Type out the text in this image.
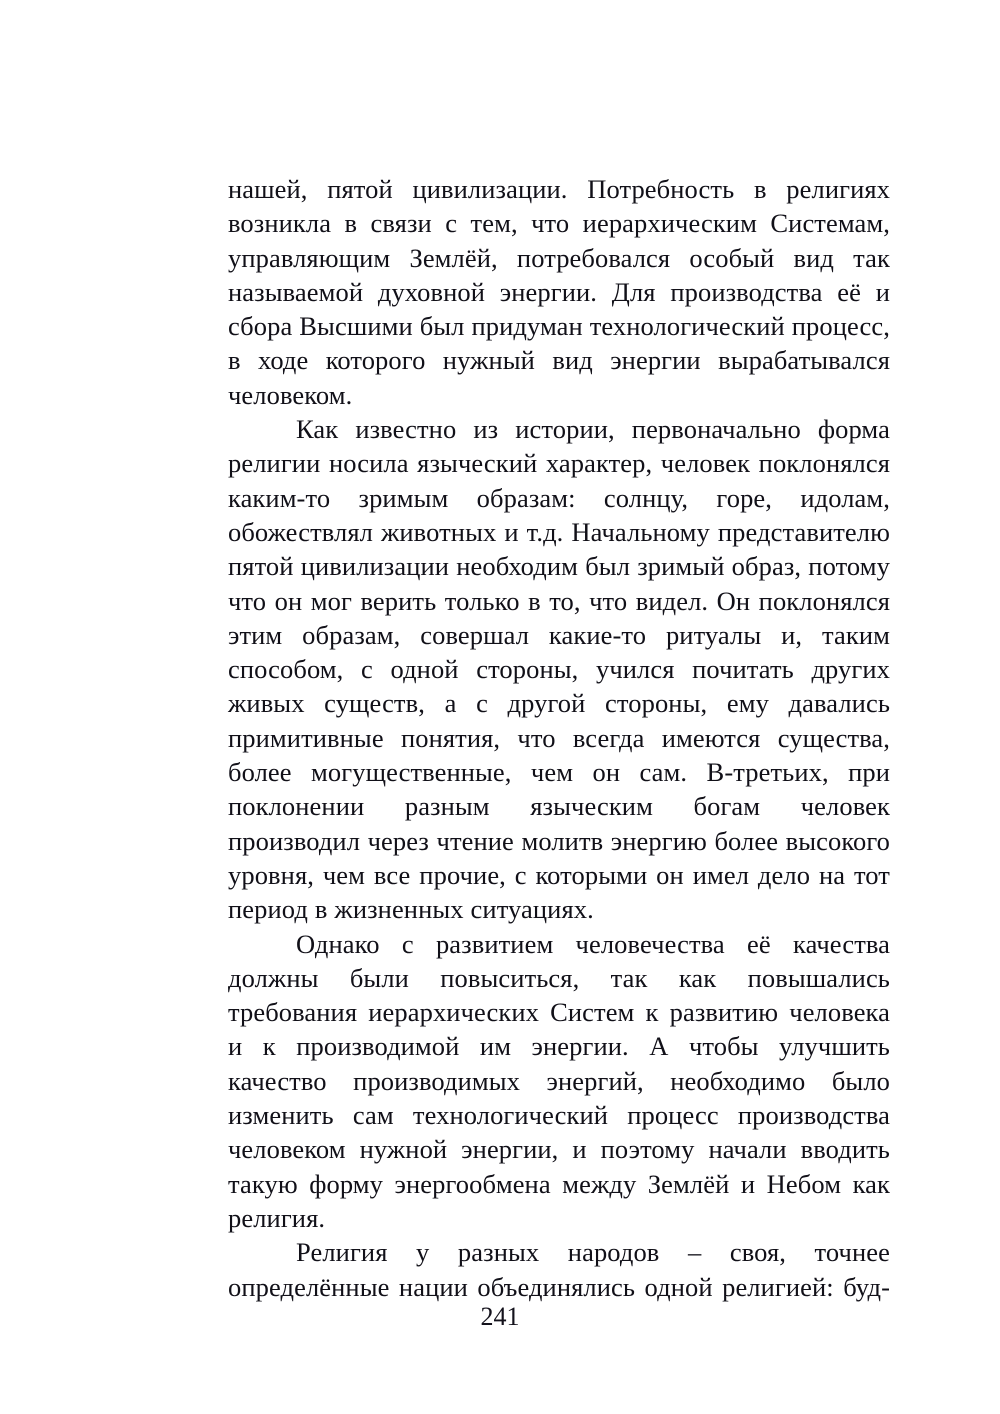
нашей, пятой цивилизации. Потребность в религиях возникла в связи с тем, что иерархическим Системам, управляющим Землёй, потребовался особый вид так называемой духовной энергии. Для производства её и сбора Высшими был придуман технологический процесс, в ходе которого нужный вид энергии вырабатывался человеком.

Как известно из истории, первоначально форма религии носила языческий характер, человек поклонялся каким-то зримым образам: солнцу, горе, идолам, обожествлял животных и т.д. Начальному представителю пятой цивилизации необходим был зримый образ, потому что он мог верить только в то, что видел. Он поклонялся этим образам, совершал какие-то ритуалы и, таким способом, с одной стороны, учился почитать других живых существ, а с другой стороны, ему давались примитивные понятия, что всегда имеются существа, более могущественные, чем он сам. В-третьих, при поклонении разным языческим богам человек производил через чтение молитв энергию более высокого уровня, чем все прочие, с которыми он имел дело на тот период в жизненных ситуациях.

Однако с развитием человечества её качества должны были повыситься, так как повышались требования иерархических Систем к развитию человека и к производимой им энергии. А чтобы улучшить качество производимых энергий, необходимо было изменить сам технологический процесс производства человеком нужной энергии, и поэтому начали вводить такую форму энергообмена между Землёй и Небом как религия.

Религия у разных народов – своя, точнее определённые нации объединялись одной религией: буд-

241
